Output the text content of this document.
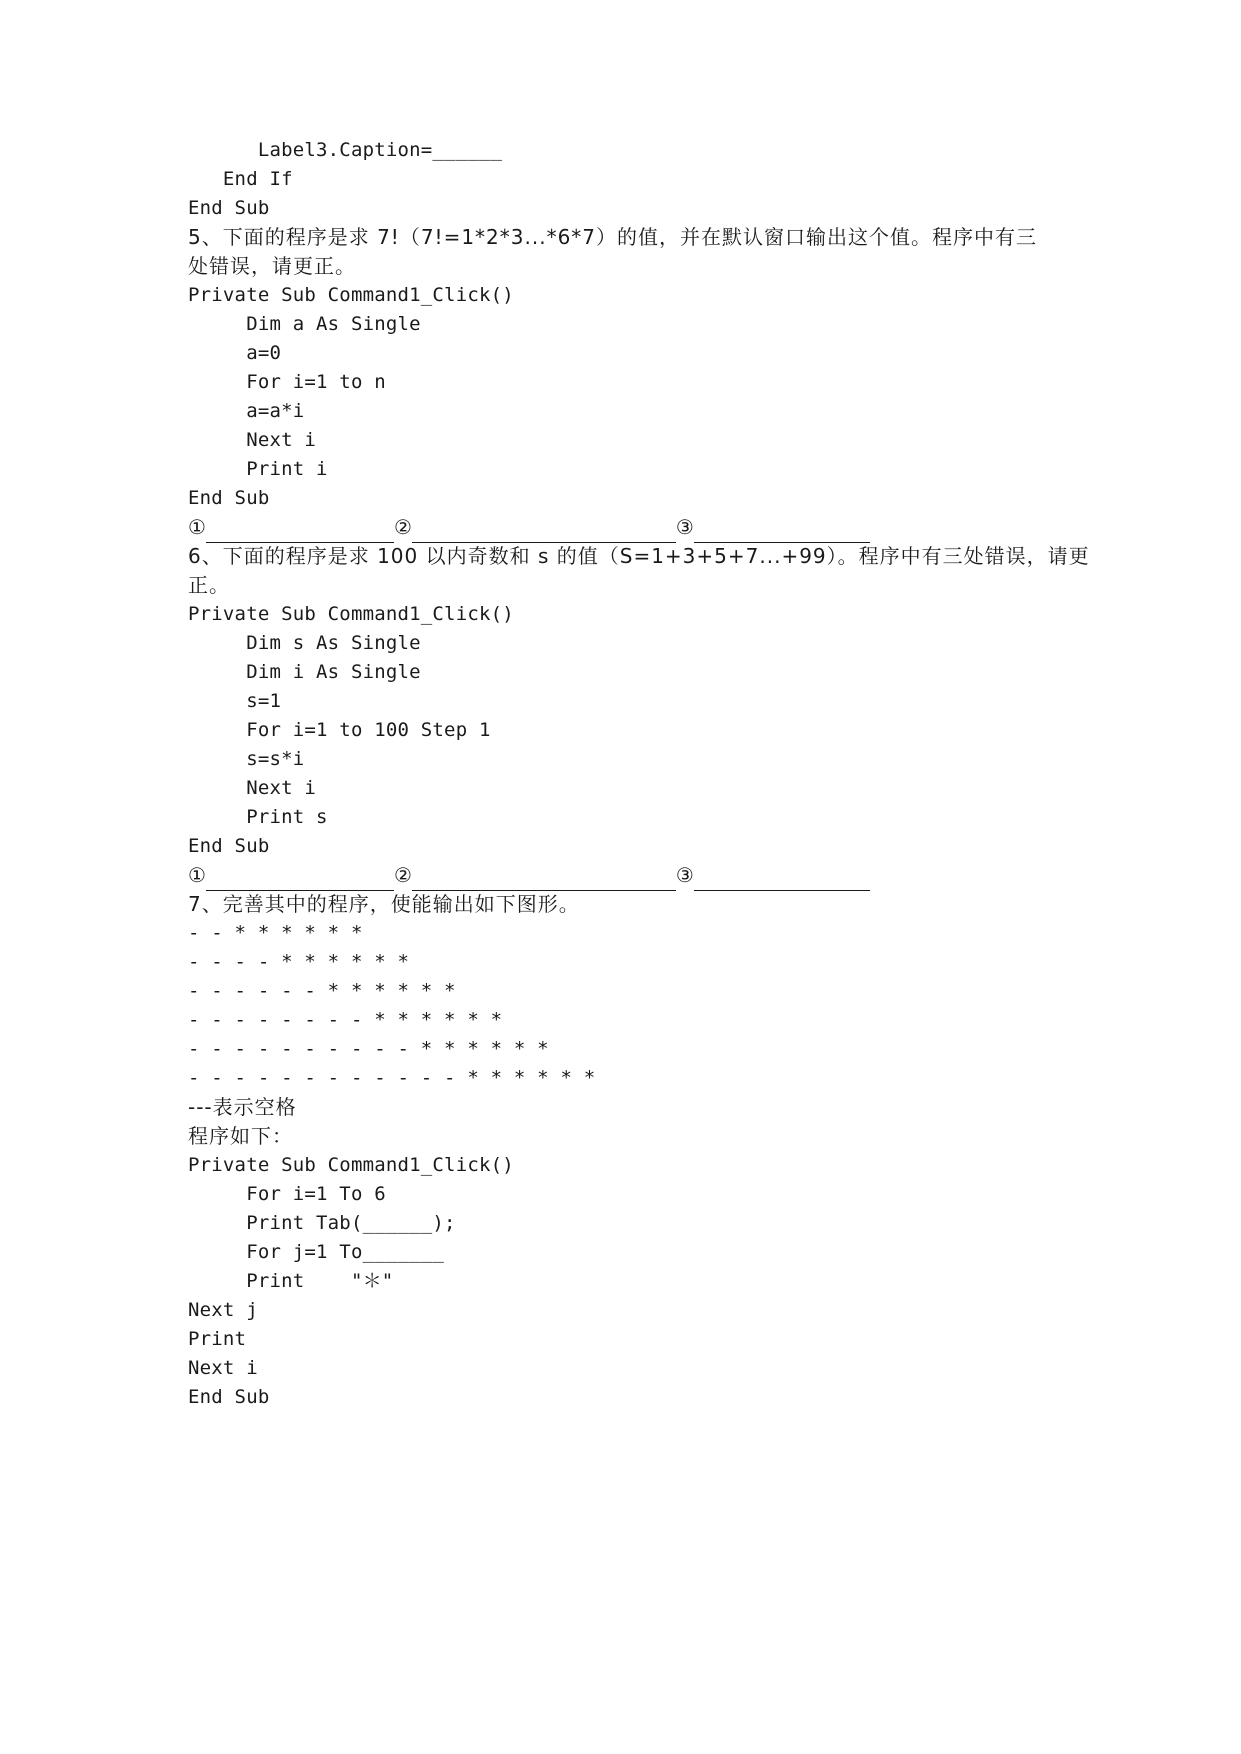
Label3.Caption=______
End If
End Sub
5、下面的程序是求 7!（7!=1*2*3...*6*7）的值，并在默认窗口输出这个值。程序中有三
处错误，请更正。
Private Sub Command1_Click()
Dim a As Single
a=0
For i=1 to n
a=a*i
Next i
Print i
End Sub
①	②	③
6、下面的程序是求 100 以内奇数和 s 的值（S=1+3+5+7...+99）。程序中有三处错误，请更
正。
Private Sub Command1_Click()
Dim s As Single
Dim i As Single
s=1
For i=1 to 100 Step 1
s=s*i
Next i
Print s
End Sub
①	②	③
7、完善其中的程序，使能输出如下图形。
- - * * * * * *
- - - - * * * * * *
- - - - - - * * * * * *
- - - - - - - - * * * * * *
- - - - - - - - - - * * * * * *
- - - - - - - - - - - - * * * * * *
---表示空格
程序如下：
Private Sub Command1_Click()
For i=1 To 6
Print Tab(______);
For j=1 To_______
Print    "＊"
Next j
Print
Next i
End Sub
